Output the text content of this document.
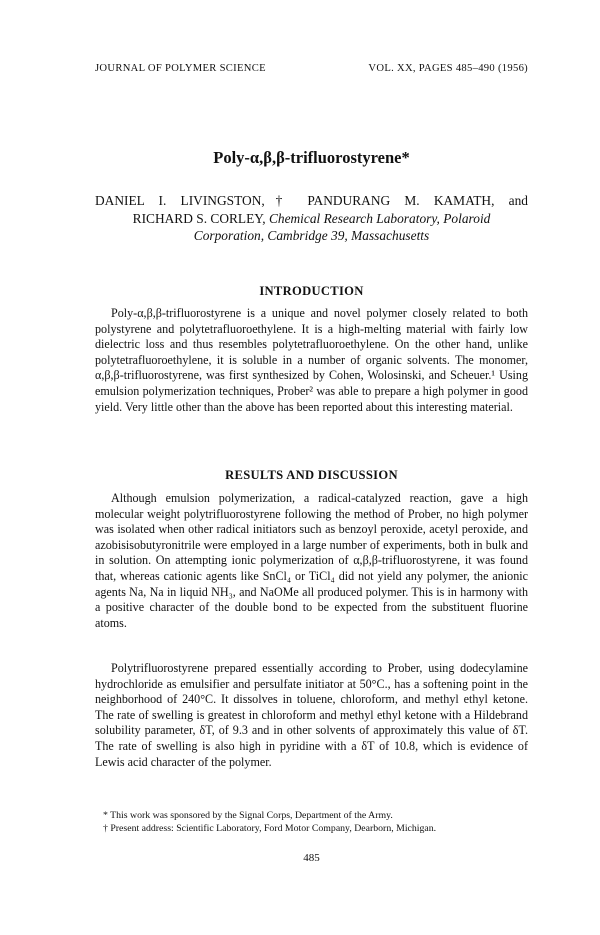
JOURNAL OF POLYMER SCIENCE	VOL. XX, PAGES 485–490 (1956)
Poly-α,β,β-trifluorostyrene*
DANIEL I. LIVINGSTON,† PANDURANG M. KAMATH, and
RICHARD S. CORLEY, Chemical Research Laboratory, Polaroid
Corporation, Cambridge 39, Massachusetts
INTRODUCTION

Poly-α,β,β-trifluorostyrene is a unique and novel polymer closely related to both polystyrene and polytetrafluoroethylene. It is a high-melting material with fairly low dielectric loss and thus resembles polytetrafluoroethylene. On the other hand, unlike polytetrafluoroethylene, it is soluble in a number of organic solvents. The monomer, α,β,β-trifluorostyrene, was first synthesized by Cohen, Wolosinski, and Scheuer.¹ Using emulsion polymerization techniques, Prober² was able to prepare a high polymer in good yield. Very little other than the above has been reported about this interesting material.

RESULTS AND DISCUSSION

Although emulsion polymerization, a radical-catalyzed reaction, gave a high molecular weight polytrifluorostyrene following the method of Prober, no high polymer was isolated when other radical initiators such as benzoyl peroxide, acetyl peroxide, and azobisisobutyronitrile were employed in a large number of experiments, both in bulk and in solution. On attempting ionic polymerization of α,β,β-trifluorostyrene, it was found that, whereas cationic agents like SnCl₄ or TiCl₄ did not yield any polymer, the anionic agents Na, Na in liquid NH₃, and NaOMe all produced polymer. This is in harmony with a positive character of the double bond to be expected from the substituent fluorine atoms.

Polytrifluorostyrene prepared essentially according to Prober, using dodecylamine hydrochloride as emulsifier and persulfate initiator at 50°C., has a softening point in the neighborhood of 240°C. It dissolves in toluene, chloroform, and methyl ethyl ketone. The rate of swelling is greatest in chloroform and methyl ethyl ketone with a Hildebrand solubility parameter, δT, of 9.3 and in other solvents of approximately this value of δT. The rate of swelling is also high in pyridine with a δT of 10.8, which is evidence of Lewis acid character of the polymer.

* This work was sponsored by the Signal Corps, Department of the Army.

† Present address: Scientific Laboratory, Ford Motor Company, Dearborn, Michigan.

485
